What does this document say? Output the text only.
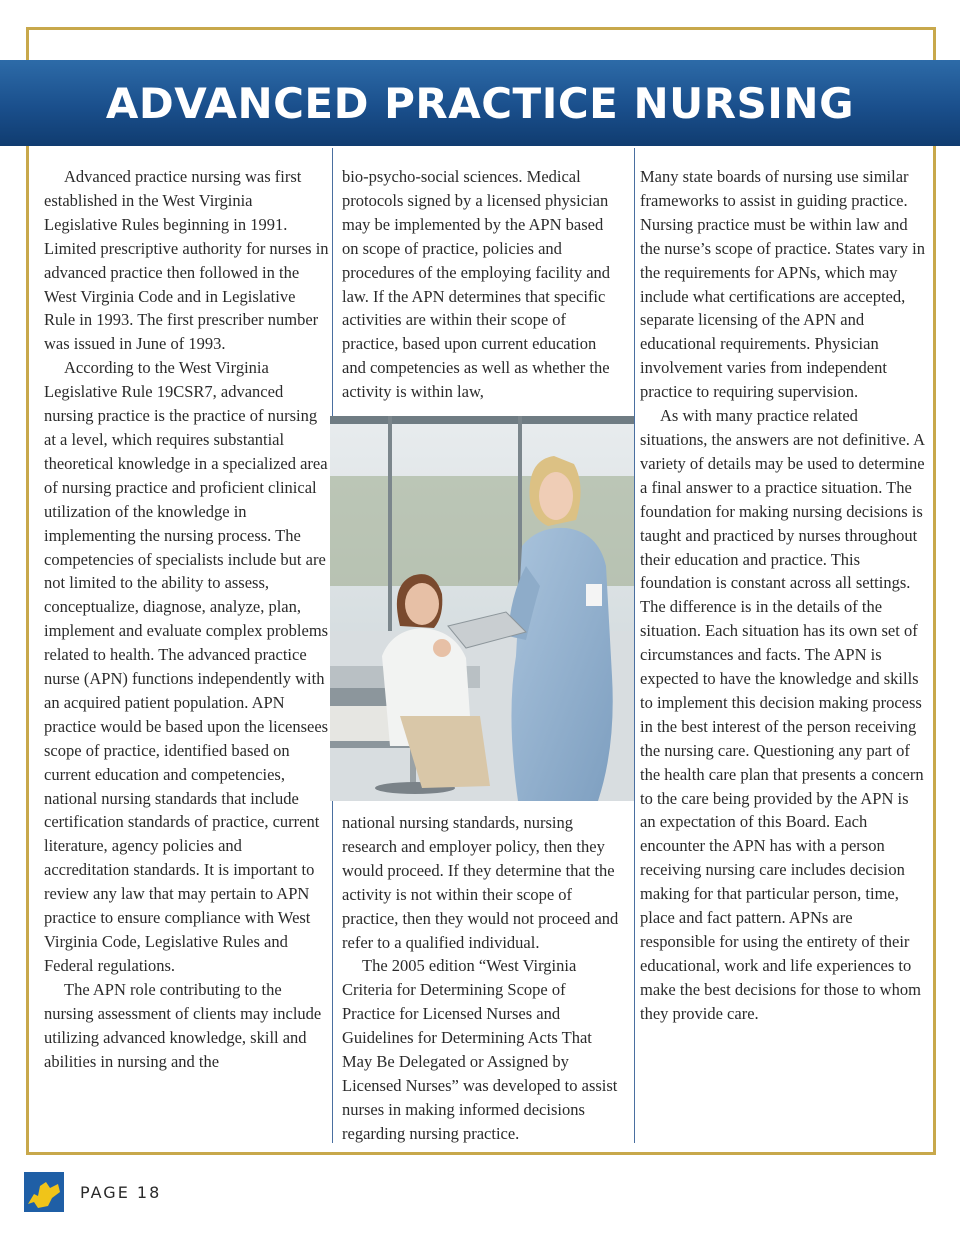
ADVANCED PRACTICE NURSING

Advanced practice nursing was first established in the West Virginia Legislative Rules beginning in 1991. Limited prescriptive authority for nurses in advanced practice then followed in the West Virginia Code and in Legislative Rule in 1993. The first prescriber number was issued in June of 1993.

According to the West Virginia Legislative Rule 19CSR7, advanced nursing practice is the practice of nursing at a level, which requires substantial theoretical knowledge in a specialized area of nursing practice and proficient clinical utilization of the knowledge in implementing the nursing process. The competencies of specialists include but are not limited to the ability to assess, conceptualize, diagnose, analyze, plan, implement and evaluate complex problems related to health. The advanced practice nurse (APN) functions independently with an acquired patient population. APN practice would be based upon the licensees scope of practice, identified based on current education and competencies, national nursing standards that include certification standards of practice, current literature, agency policies and accreditation standards. It is important to review any law that may pertain to APN practice to ensure compliance with West Virginia Code, Legislative Rules and Federal regulations.

The APN role contributing to the nursing assessment of clients may include utilizing advanced knowledge, skill and abilities in nursing and the

bio-psycho-social sciences. Medical protocols signed by a licensed physician may be implemented by the APN based on scope of practice, policies and procedures of the employing facility and law. If the APN determines that specific activities are within their scope of practice, based upon current education and competencies as well as whether the activity is within law,

national nursing standards, nursing research and employer policy, then they would proceed. If they determine that the activity is not within their scope of practice, then they would not proceed and refer to a qualified individual.

The 2005 edition “West Virginia Criteria for Determining Scope of Practice for Licensed Nurses and Guidelines for Determining Acts That May Be Delegated or Assigned by Licensed Nurses” was developed to assist nurses in making informed decisions regarding nursing practice.

Many state boards of nursing use similar frameworks to assist in guiding practice. Nursing practice must be within law and the nurse’s scope of practice. States vary in the requirements for APNs, which may include what certifications are accepted, separate licensing of the APN and educational requirements. Physician involvement varies from independent practice to requiring supervision.

As with many practice related situations, the answers are not definitive. A variety of details may be used to determine a final answer to a practice situation. The foundation for making nursing decisions is taught and practiced by nurses throughout their education and practice. This foundation is constant across all settings. The difference is in the details of the situation. Each situation has its own set of circumstances and facts. The APN is expected to have the knowledge and skills to implement this decision making process in the best interest of the person receiving the nursing care. Questioning any part of the health care plan that presents a concern to the care being provided by the APN is an expectation of this Board. Each encounter the APN has with a person receiving nursing care includes decision making for that particular person, time, place and fact pattern. APNs are responsible for using the entirety of their educational, work and life experiences to make the best decisions for those to whom they provide care.

PAGE 18
